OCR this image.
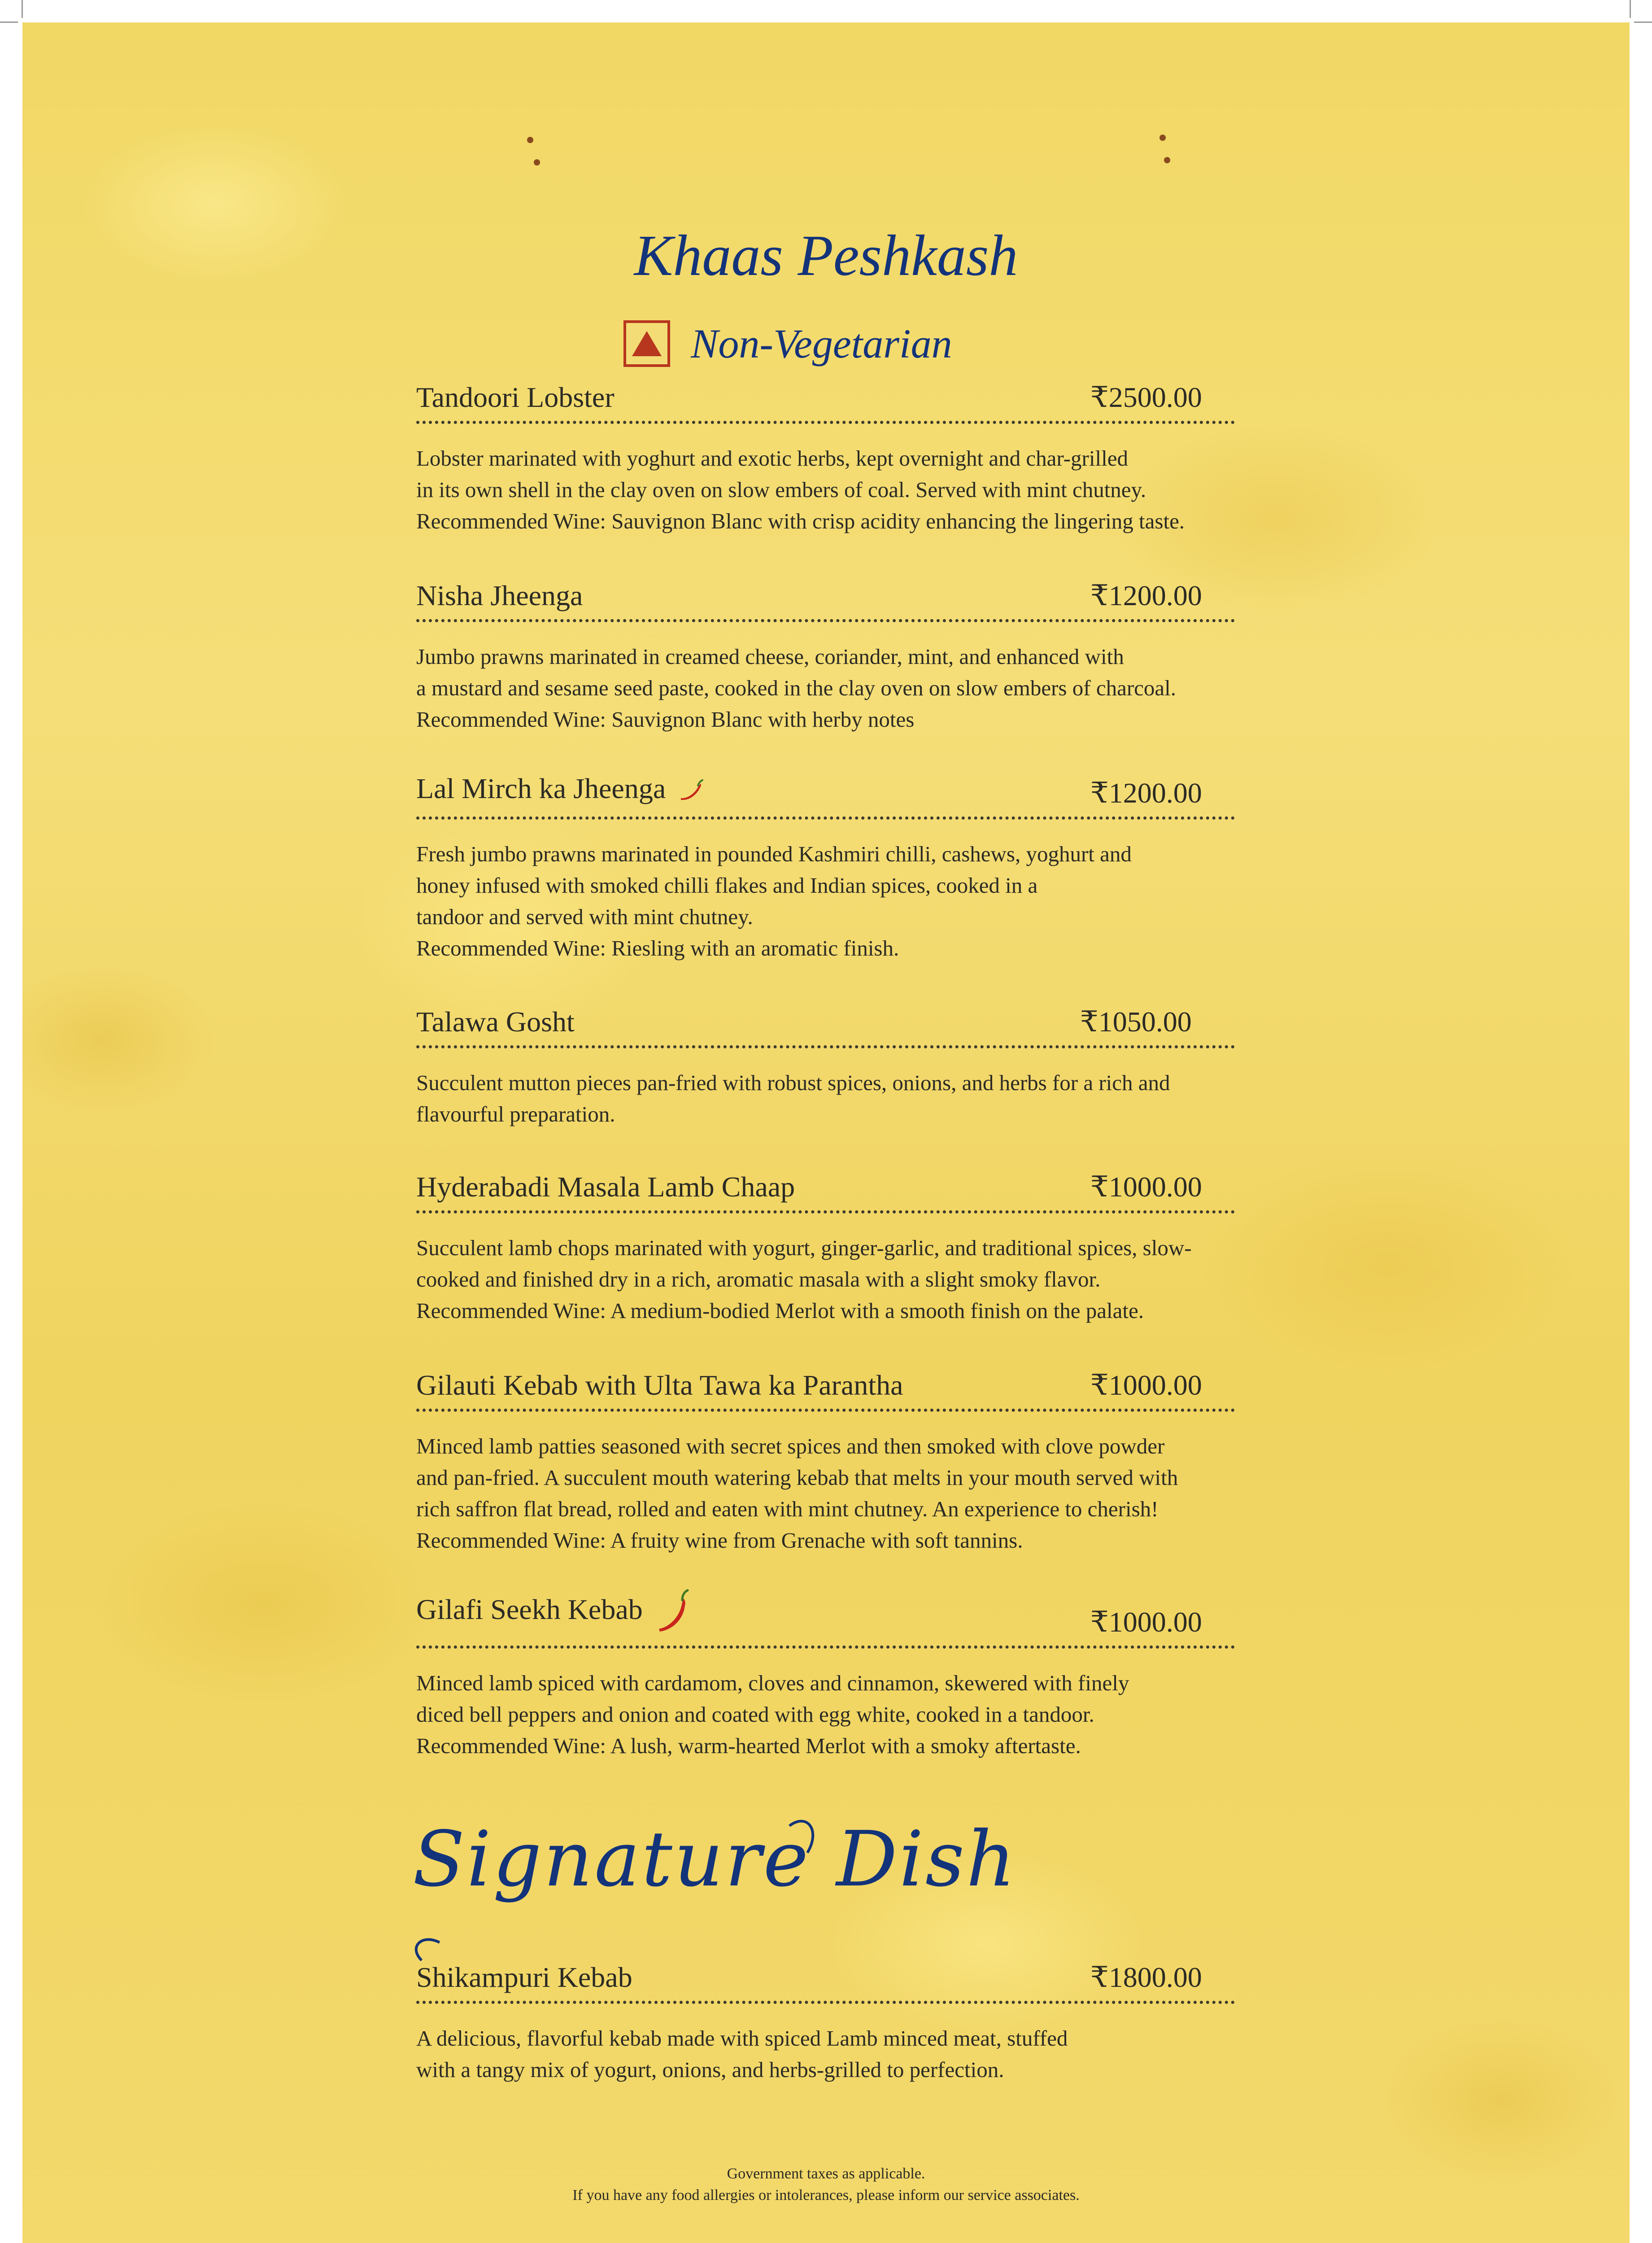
Khaas Peshkash
Non-Vegetarian
Tandoori Lobster	₹2500.00
Lobster marinated with yoghurt and exotic herbs, kept overnight and char-grilled
in its own shell in the clay oven on slow embers of coal. Served with mint chutney.
Recommended Wine: Sauvignon Blanc with crisp acidity enhancing the lingering taste.
Nisha Jheenga	₹1200.00
Jumbo prawns marinated in creamed cheese, coriander, mint, and enhanced with
a mustard and sesame seed paste, cooked in the clay oven on slow embers of charcoal.
Recommended Wine: Sauvignon Blanc with herby notes
Lal Mirch ka Jheenga	₹1200.00
Fresh jumbo prawns marinated in pounded Kashmiri chilli, cashews, yoghurt and
honey infused with smoked chilli flakes and Indian spices, cooked in a
tandoor and served with mint chutney.
Recommended Wine: Riesling with an aromatic finish.
Talawa Gosht	₹1050.00
Succulent mutton pieces pan-fried with robust spices, onions, and herbs for a rich and
flavourful preparation.
Hyderabadi Masala Lamb Chaap	₹1000.00
Succulent lamb chops marinated with yogurt, ginger-garlic, and traditional spices, slow-
cooked and finished dry in a rich, aromatic masala with a slight smoky flavor.
Recommended Wine: A medium-bodied Merlot with a smooth finish on the palate.
Gilauti Kebab with Ulta Tawa ka Parantha	₹1000.00
Minced lamb patties seasoned with secret spices and then smoked with clove powder
and pan-fried. A succulent mouth watering kebab that melts in your mouth served with
rich saffron flat bread, rolled and eaten with mint chutney. An experience to cherish!
Recommended Wine: A fruity wine from Grenache with soft tannins.
Gilafi Seekh Kebab	₹1000.00
Minced lamb spiced with cardamom, cloves and cinnamon, skewered with finely
diced bell peppers and onion and coated with egg white, cooked in a tandoor.
Recommended Wine: A lush, warm-hearted Merlot with a smoky aftertaste.
Signature Dish
Shikampuri Kebab	₹1800.00
A delicious, flavorful kebab made with spiced Lamb minced meat, stuffed
with a tangy mix of yogurt, onions, and herbs-grilled to perfection.
Government taxes as applicable.
If you have any food allergies or intolerances, please inform our service associates.
